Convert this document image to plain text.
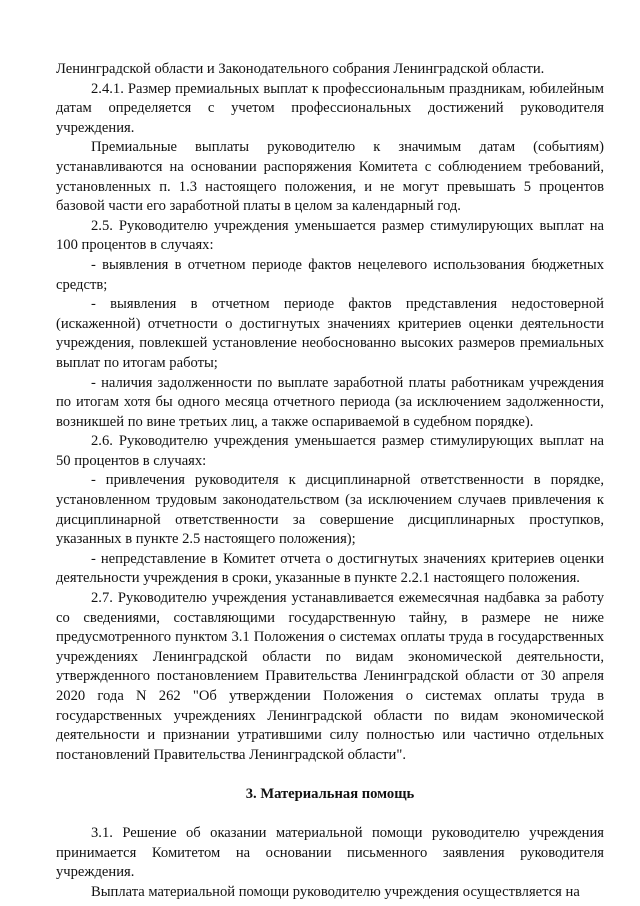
Ленинградской области и Законодательного собрания Ленинградской области.

2.4.1. Размер премиальных выплат к профессиональным праздникам, юбилейным датам определяется с учетом профессиональных достижений руководителя учреждения.

Премиальные выплаты руководителю к значимым датам (событиям) устанавливаются на основании распоряжения Комитета с соблюдением требований, установленных п. 1.3 настоящего положения, и не могут превышать 5 процентов базовой части его заработной платы в целом за календарный год.

2.5. Руководителю учреждения уменьшается размер стимулирующих выплат на 100 процентов в случаях:

- выявления в отчетном периоде фактов нецелевого использования бюджетных средств;

- выявления в отчетном периоде фактов представления недостоверной (искаженной) отчетности о достигнутых значениях критериев оценки деятельности учреждения, повлекшей установление необоснованно высоких размеров премиальных выплат по итогам работы;

- наличия задолженности по выплате заработной платы работникам учреждения по итогам хотя бы одного месяца отчетного периода (за исключением задолженности, возникшей по вине третьих лиц, а также оспариваемой в судебном порядке).

2.6. Руководителю учреждения уменьшается размер стимулирующих выплат на 50 процентов в случаях:

- привлечения руководителя к дисциплинарной ответственности в порядке, установленном трудовым законодательством (за исключением случаев привлечения к дисциплинарной ответственности за совершение дисциплинарных проступков, указанных в пункте 2.5 настоящего положения);

- непредставление в Комитет отчета о достигнутых значениях критериев оценки деятельности учреждения в сроки, указанные в пункте 2.2.1 настоящего положения.

2.7. Руководителю учреждения устанавливается ежемесячная надбавка за работу со сведениями, составляющими государственную тайну, в размере не ниже предусмотренного пунктом 3.1 Положения о системах оплаты труда в государственных учреждениях Ленинградской области по видам экономической деятельности, утвержденного постановлением Правительства Ленинградской области от 30 апреля 2020 года N 262 "Об утверждении Положения о системах оплаты труда в государственных учреждениях Ленинградской области по видам экономической деятельности и признании утратившими силу полностью или частично отдельных постановлений Правительства Ленинградской области".

3. Материальная помощь

3.1. Решение об оказании материальной помощи руководителю учреждения принимается Комитетом на основании письменного заявления руководителя учреждения.

Выплата материальной помощи руководителю учреждения осуществляется на
